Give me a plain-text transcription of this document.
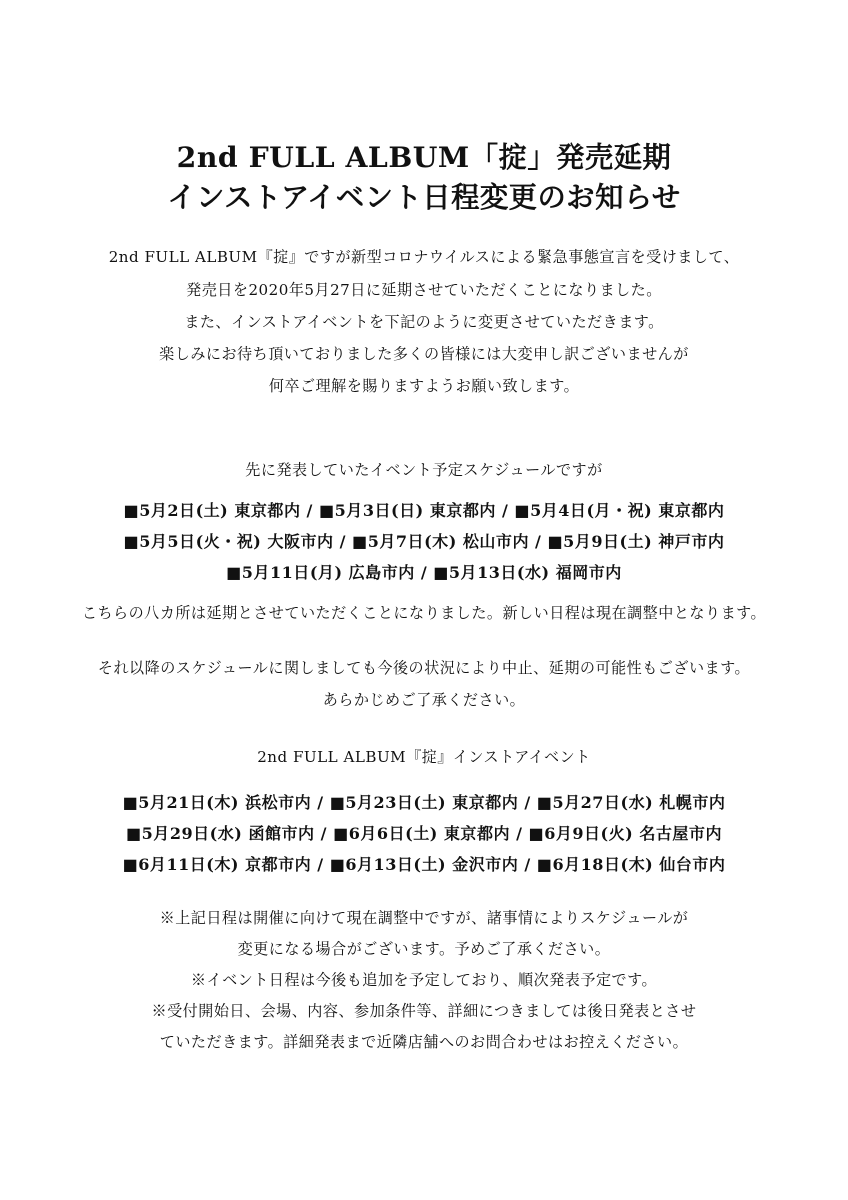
2nd FULL ALBUM「掟」発売延期
インストアイベント日程変更のお知らせ
2nd FULL ALBUM『掟』ですが新型コロナウイルスによる緊急事態宣言を受けまして、
発売日を2020年5月27日に延期させていただくことになりました。
また、インストアイベントを下記のように変更させていただきます。
楽しみにお待ち頂いておりました多くの皆様には大変申し訳ございませんが
何卒ご理解を賜りますようお願い致します。
先に発表していたイベント予定スケジュールですが
■5月2日(土) 東京都内 / ■5月3日(日) 東京都内 / ■5月4日(月・祝) 東京都内
■5月5日(火・祝) 大阪市内 / ■5月7日(木) 松山市内 / ■5月9日(土) 神戸市内
■5月11日(月) 広島市内 / ■5月13日(水) 福岡市内
こちらの八カ所は延期とさせていただくことになりました。新しい日程は現在調整中となります。
それ以降のスケジュールに関しましても今後の状況により中止、延期の可能性もございます。
あらかじめご了承ください。
2nd FULL ALBUM『掟』インストアイベント
■5月21日(木) 浜松市内 / ■5月23日(土) 東京都内 / ■5月27日(水) 札幌市内
■5月29日(水) 函館市内 / ■6月6日(土) 東京都内 / ■6月9日(火) 名古屋市内
■6月11日(木) 京都市内 / ■6月13日(土) 金沢市内 / ■6月18日(木) 仙台市内
※上記日程は開催に向けて現在調整中ですが、諸事情によりスケジュールが
変更になる場合がございます。予めご了承ください。
※イベント日程は今後も追加を予定しており、順次発表予定です。
※受付開始日、会場、内容、参加条件等、詳細につきましては後日発表とさせ
ていただきます。詳細発表まで近隣店舗へのお問合わせはお控えください。
